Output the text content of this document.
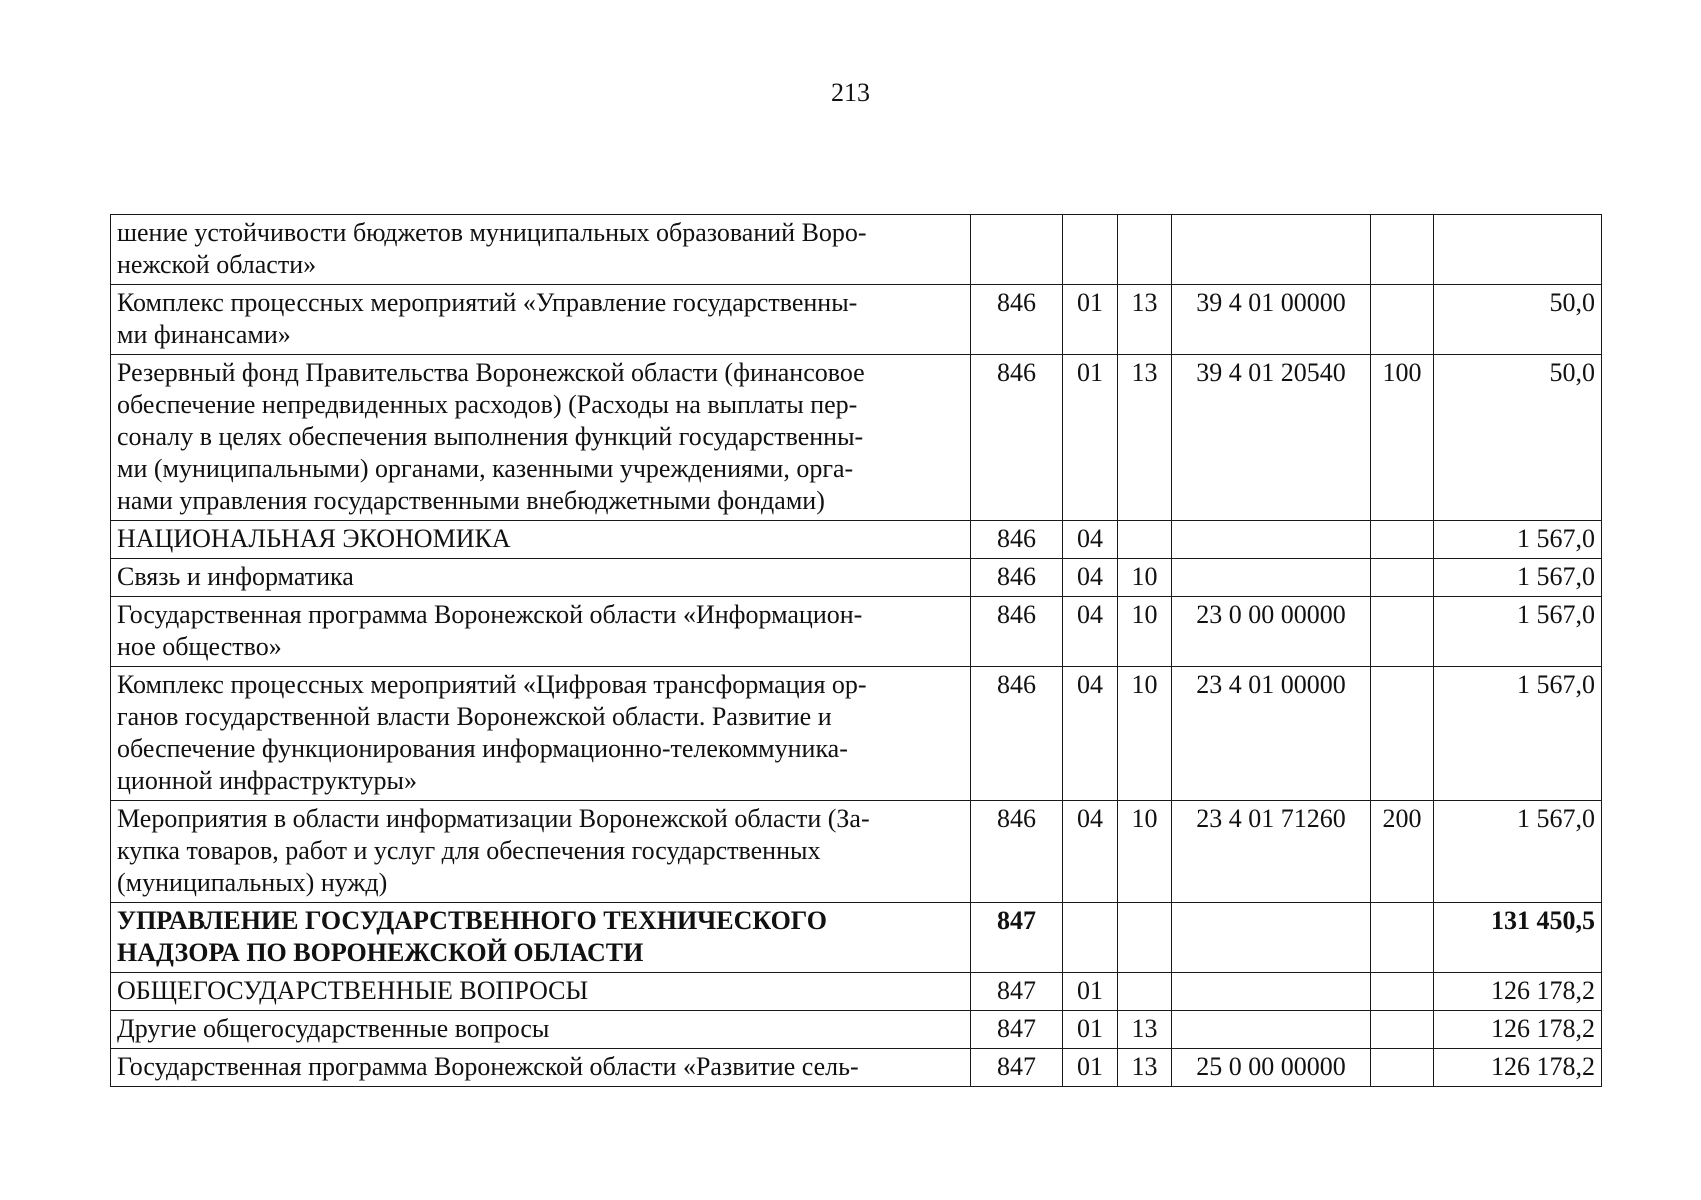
213
шение устойчивости бюджетов муниципальных образований Воро-
нежской области»						
Комплекс процессных мероприятий «Управление государственны-
ми финансами»	846	01	13	39 4 01 00000		50,0
Резервный фонд Правительства Воронежской области (финансовое
обеспечение непредвиденных расходов) (Расходы на выплаты пер-
соналу в целях обеспечения выполнения функций государственны-
ми (муниципальными) органами, казенными учреждениями, орга-
нами управления государственными внебюджетными фондами)	846	01	13	39 4 01 20540	100	50,0
НАЦИОНАЛЬНАЯ ЭКОНОМИКА	846	04				1 567,0
Связь и информатика	846	04	10			1 567,0
Государственная программа Воронежской области «Информацион-
ное общество»	846	04	10	23 0 00 00000		1 567,0
Комплекс процессных мероприятий «Цифровая трансформация ор-
ганов государственной власти Воронежской области. Развитие и
обеспечение функционирования информационно-телекоммуника-
ционной инфраструктуры»	846	04	10	23 4 01 00000		1 567,0
Мероприятия в области информатизации Воронежской области (За-
купка товаров, работ и услуг для обеспечения государственных
(муниципальных) нужд)	846	04	10	23 4 01 71260	200	1 567,0
УПРАВЛЕНИЕ ГОСУДАРСТВЕННОГО ТЕХНИЧЕСКОГО
НАДЗОРА ПО ВОРОНЕЖСКОЙ ОБЛАСТИ	847					131 450,5
ОБЩЕГОСУДАРСТВЕННЫЕ ВОПРОСЫ	847	01				126 178,2
Другие общегосударственные вопросы	847	01	13			126 178,2
Государственная программа Воронежской области «Развитие сель-	847	01	13	25 0 00 00000		126 178,2
